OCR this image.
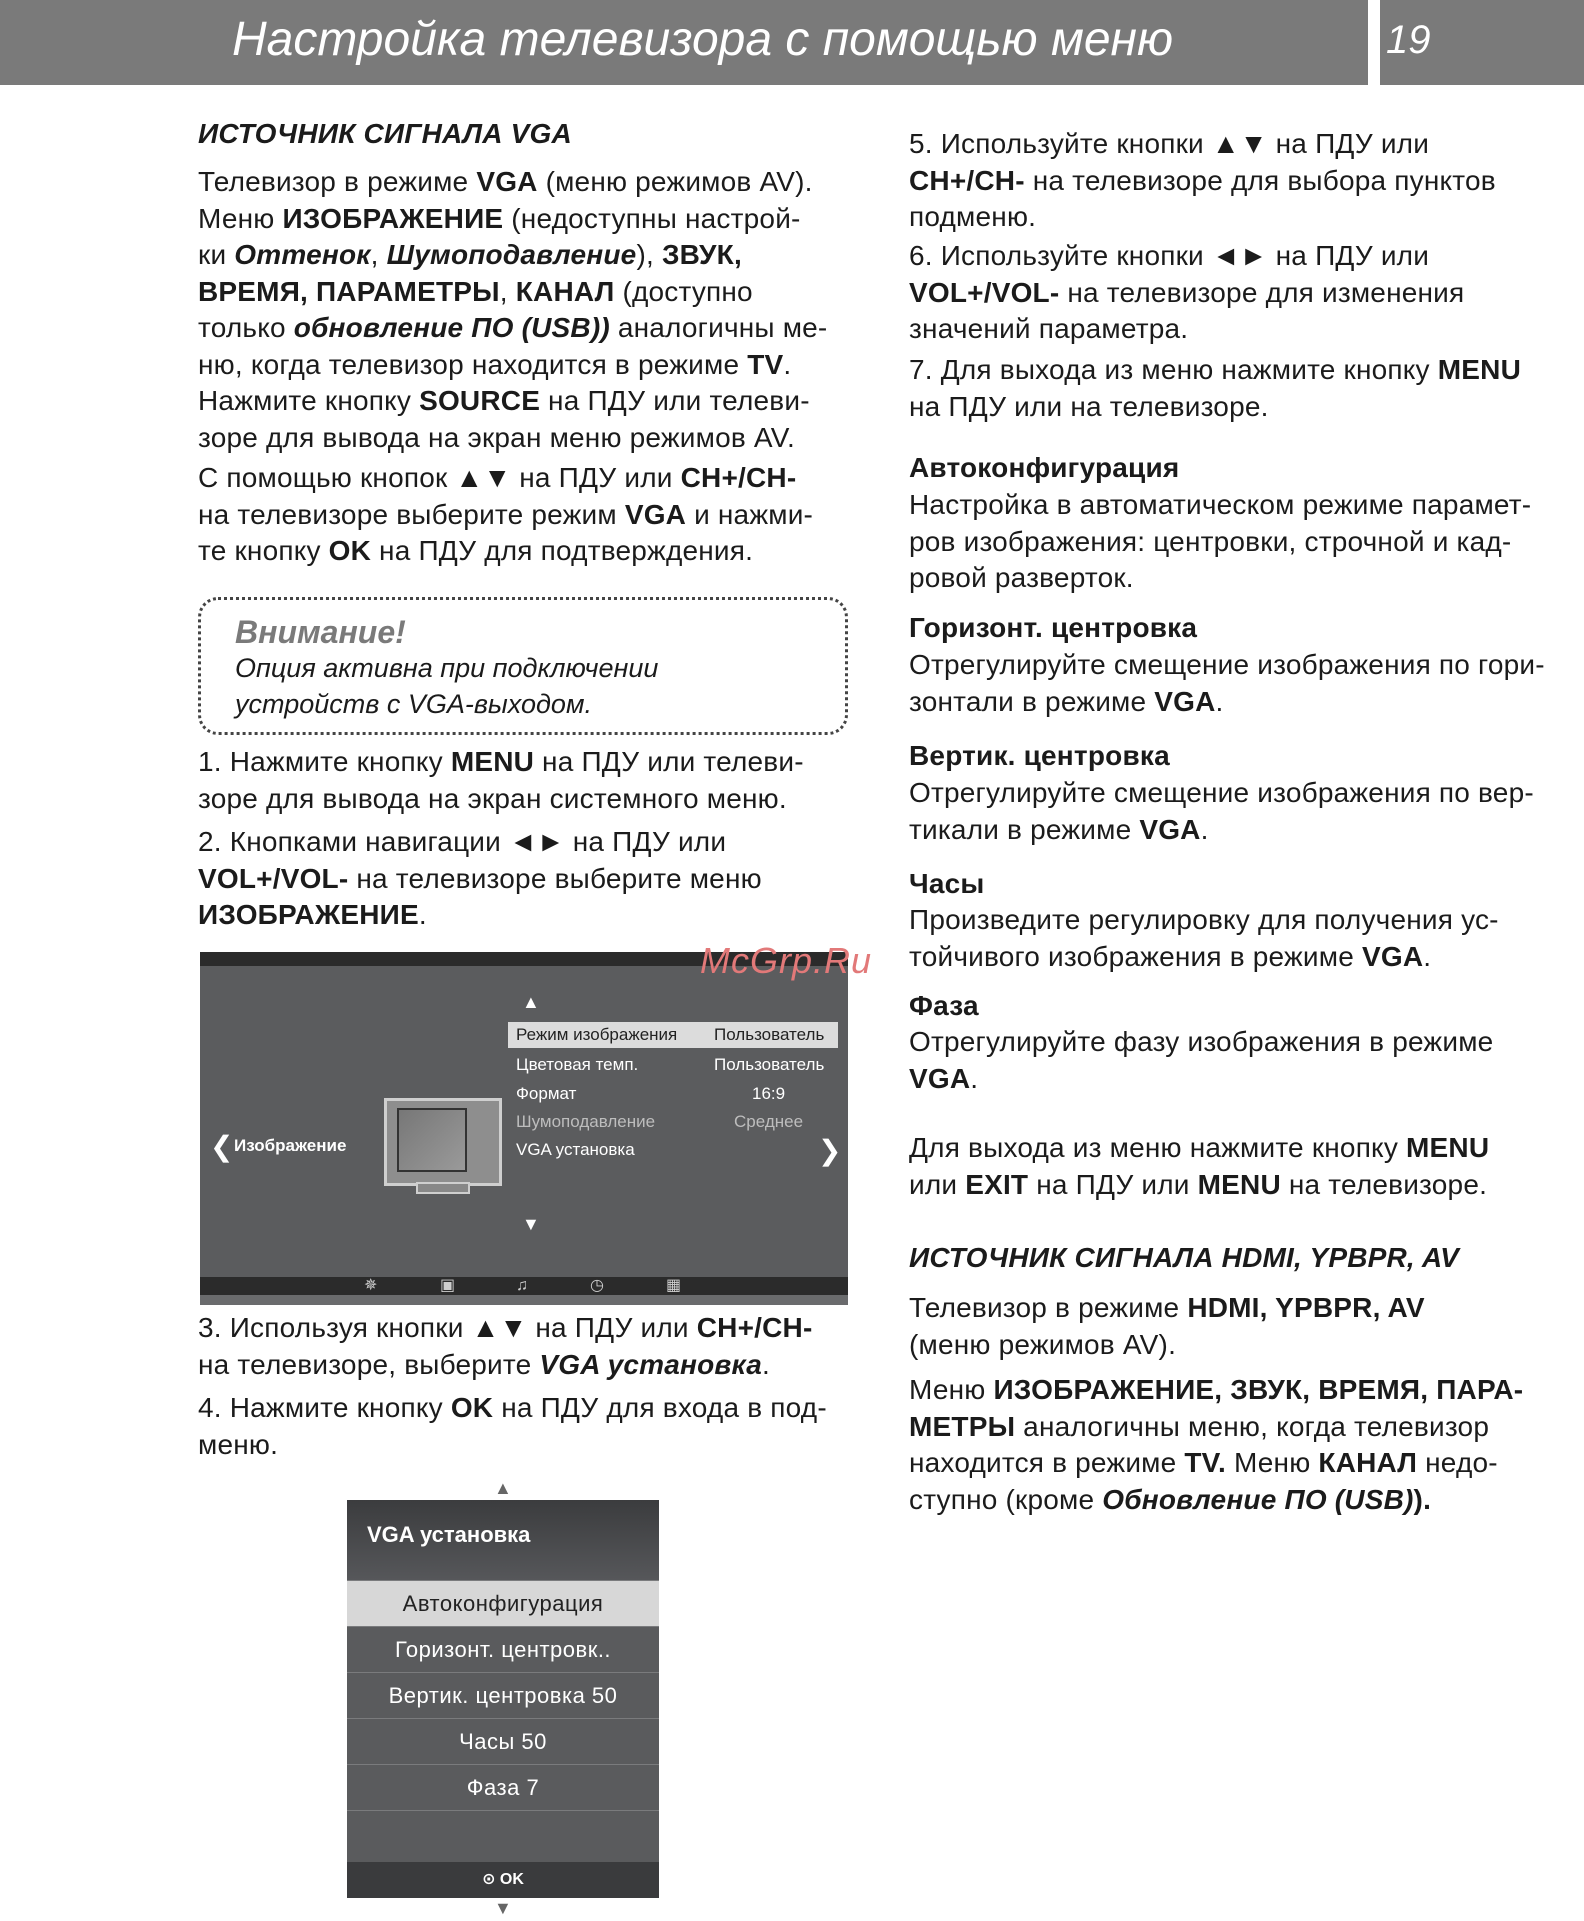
Настройка телевизора с помощью меню	19
ИСТОЧНИК СИГНАЛА VGA
Телевизор в режиме VGA (меню режимов AV).
Меню ИЗОБРАЖЕНИЕ (недоступны настрой-
ки Оттенок, Шумоподавление), ЗВУК,
ВРЕМЯ, ПАРАМЕТРЫ, КАНАЛ (доступно
только обновление ПО (USB)) аналогичны ме-
ню, когда телевизор находится в режиме TV.
Нажмите кнопку SOURCE на ПДУ или телеви-
зоре для вывода на экран меню режимов AV.
С помощью кнопок ▲▼ на ПДУ или CH+/CH-
на телевизоре выберите режим VGA и нажми-
те кнопку OK на ПДУ для подтверждения.
1. Нажмите кнопку MENU на ПДУ или телеви-
зоре для вывода на экран системного меню.
2. Кнопками навигации ◄► на ПДУ или
VOL+/VOL- на телевизоре выберите меню
ИЗОБРАЖЕНИЕ.
3. Используя кнопки ▲▼ на ПДУ или CH+/CH-
на телевизоре, выберите VGA установка.
4. Нажмите кнопку OK на ПДУ для входа в под-
меню.
Внимание!
Опция активна при подключении
устройств с VGA-выходом.
▲
Режим изображения Пользователь
Цветовая темп.	Пользователь
Формат	16:9
Шумоподавление	Среднее
VGA установка
❮ Изображение	❯
▼
✵	▣	♫	◷	▦
McGrp.Ru
▲
VGA установка
Автоконфигурация
Горизонт. центровк..
Вертик. центровка 50
Часы 50
Фаза 7
⊙ OK
▼
5. Используйте кнопки ▲▼ на ПДУ или
CH+/CH- на телевизоре для выбора пунктов
подменю.
6. Используйте кнопки ◄► на ПДУ или
VOL+/VOL- на телевизоре для изменения
значений параметра.
7. Для выхода из меню нажмите кнопку MENU
на ПДУ или на телевизоре.
Автоконфигурация
Настройка в автоматическом режиме парамет-
ров изображения: центровки, строчной и кад-
ровой разверток.
Горизонт. центровка
Отрегулируйте смещение изображения по гори-
зонтали в режиме VGA.
Вертик. центровка
Отрегулируйте смещение изображения по вер-
тикали в режиме VGA.
Часы
Произведите регулировку для получения ус-
тойчивого изображения в режиме VGA.
Фаза
Отрегулируйте фазу изображения в режиме
VGA.
Для выхода из меню нажмите кнопку MENU
или EXIT на ПДУ или MENU на телевизоре.
ИСТОЧНИК СИГНАЛА HDMI, YPBPR, AV
Телевизор в режиме HDMI, YPBPR, AV
(меню режимов AV).
Меню ИЗОБРАЖЕНИЕ, ЗВУК, ВРЕМЯ, ПАРА-
МЕТРЫ аналогичны меню, когда телевизор
находится в режиме TV. Меню КАНАЛ недо-
ступно (кроме Обновление ПО (USB)).
